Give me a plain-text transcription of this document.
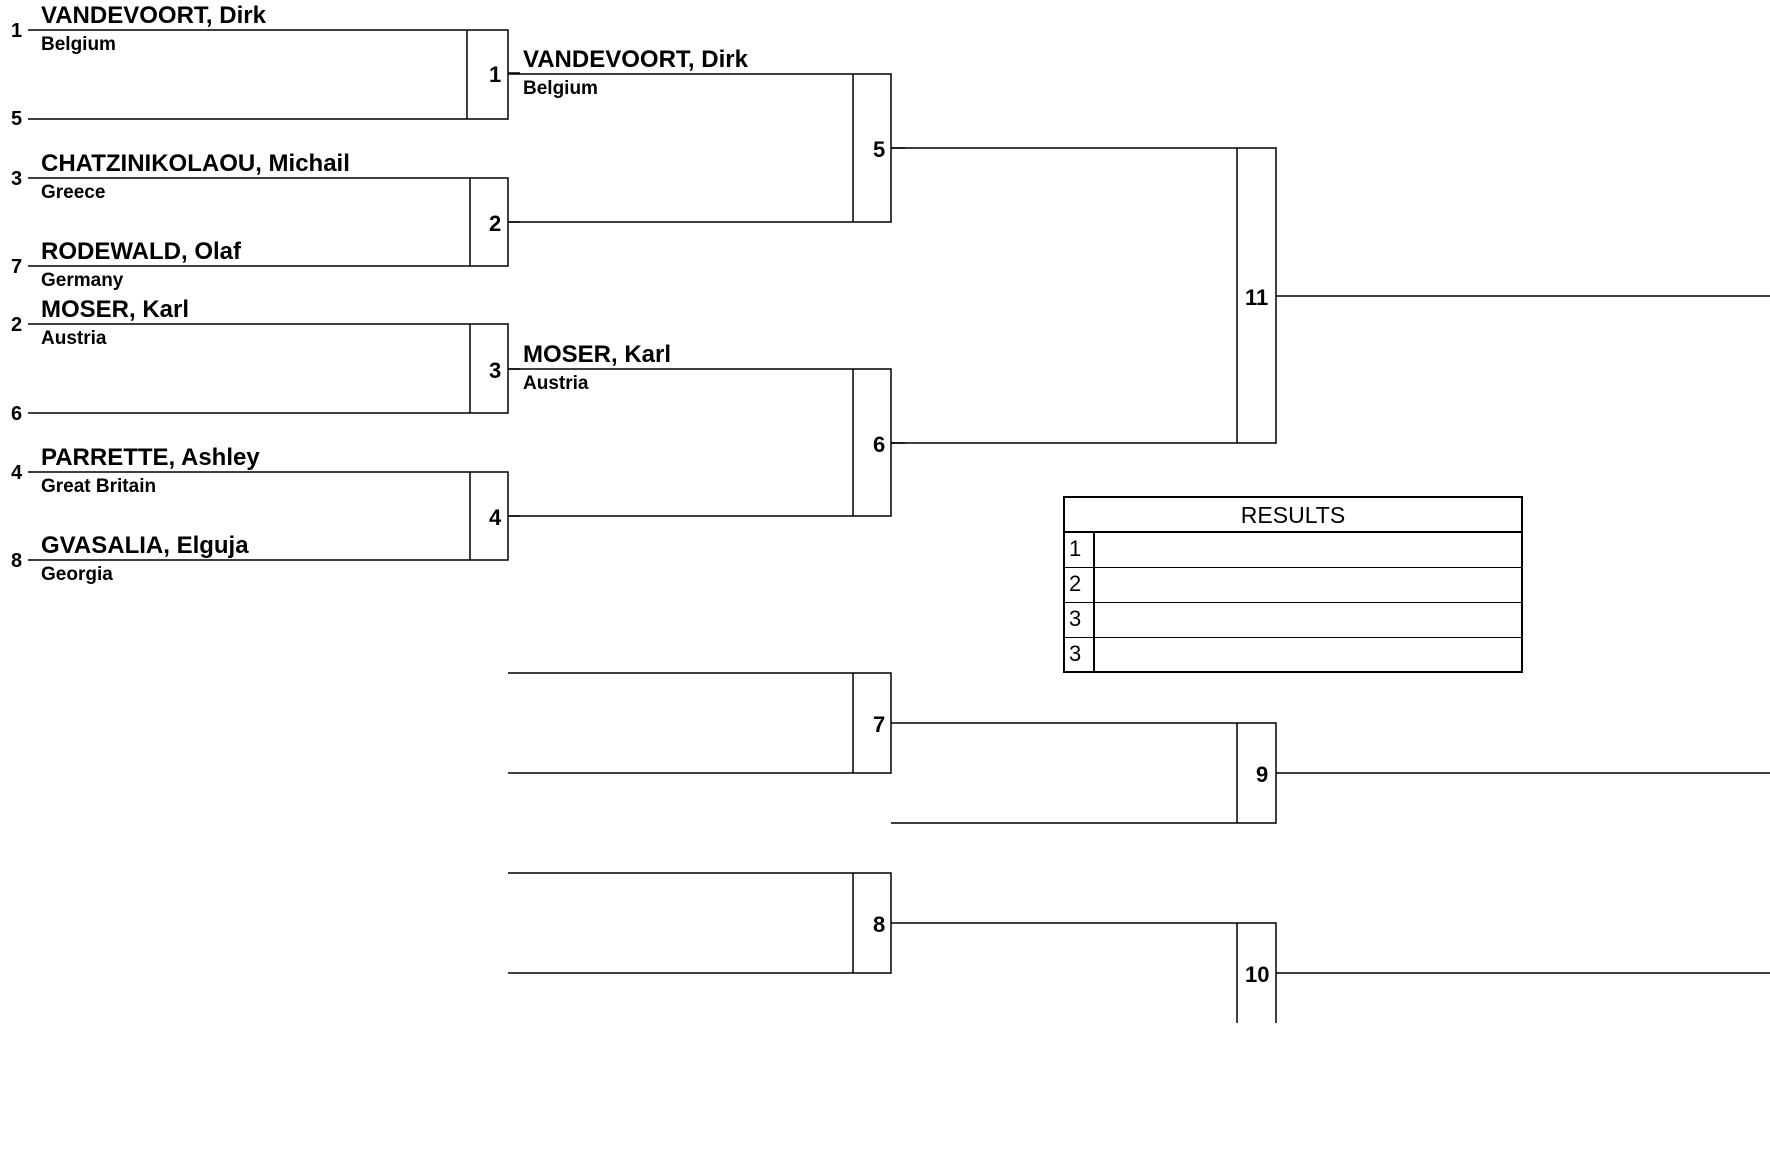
1
VANDEVOORT, Dirk
Belgium
5
3
CHATZINIKOLAOU, Michail
Greece
7
RODEWALD, Olaf
Germany
2
MOSER, Karl
Austria
6
4
PARRETTE, Ashley
Great Britain
8
GVASALIA, Elguja
Georgia
1
2
3
4
VANDEVOORT, Dirk
Belgium
MOSER, Karl
Austria
5
6
11
7
8
9
10
RESULTS
1
2
3
3
